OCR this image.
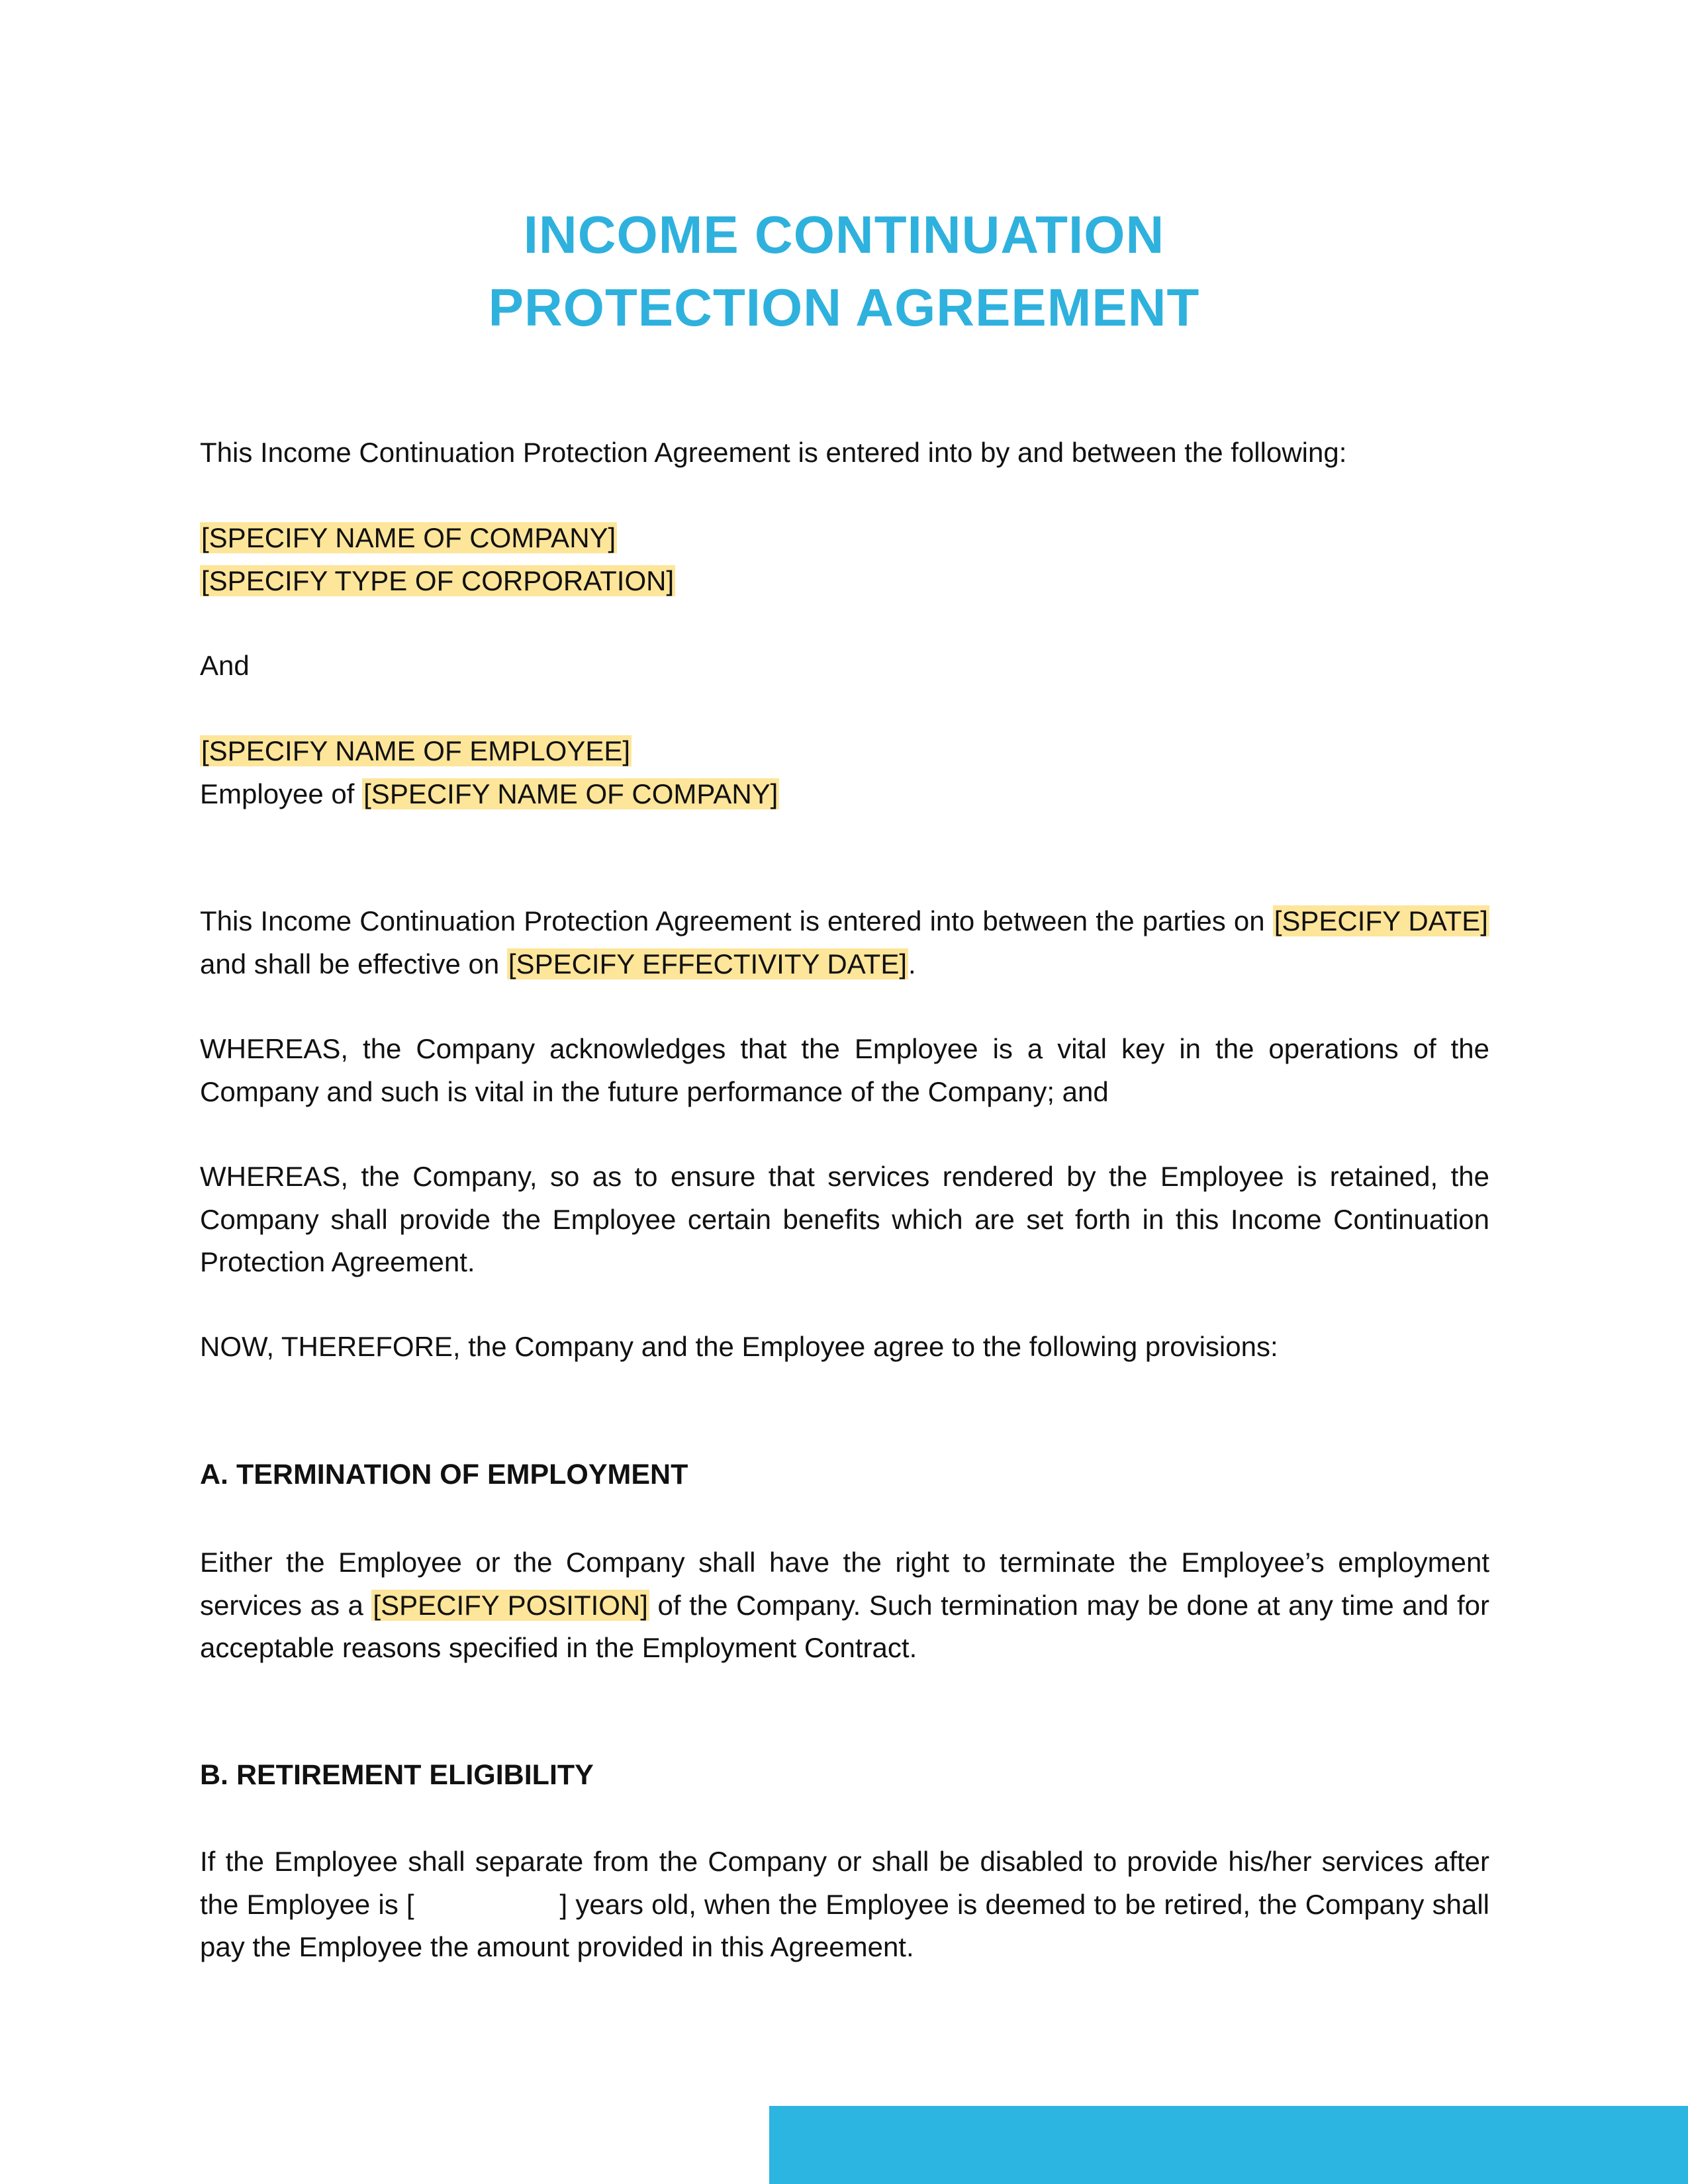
INCOME CONTINUATION
PROTECTION AGREEMENT
This Income Continuation Protection Agreement is entered into by and between the following:
[SPECIFY NAME OF COMPANY]
[SPECIFY TYPE OF CORPORATION]
And
[SPECIFY NAME OF EMPLOYEE]
Employee of [SPECIFY NAME OF COMPANY]
This Income Continuation Protection Agreement is entered into between the parties on [SPECIFY DATE] and shall be effective on [SPECIFY EFFECTIVITY DATE].
WHEREAS, the Company acknowledges that the Employee is a vital key in the operations of the Company and such is vital in the future performance of the Company; and
WHEREAS, the Company, so as to ensure that services rendered by the Employee is retained, the Company shall provide the Employee certain benefits which are set forth in this Income Continuation Protection Agreement.
NOW, THEREFORE, the Company and the Employee agree to the following provisions:
A. TERMINATION OF EMPLOYMENT
Either the Employee or the Company shall have the right to terminate the Employee’s employment services as a [SPECIFY POSITION] of the Company. Such termination may be done at any time and for acceptable reasons specified in the Employment Contract.
B. RETIREMENT ELIGIBILITY
If the Employee shall separate from the Company or shall be disabled to provide his/her services after the Employee is [	] years old, when the Employee is deemed to be retired, the Company shall pay the Employee the amount provided in this Agreement.
